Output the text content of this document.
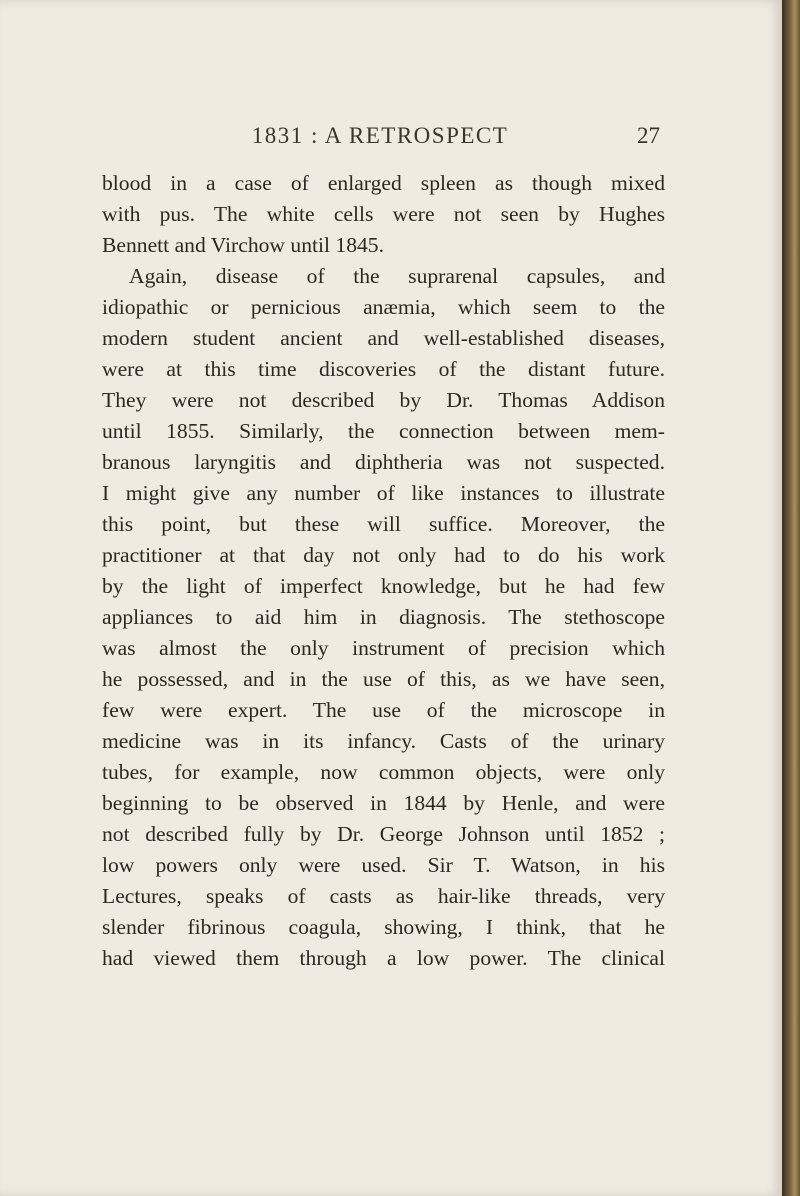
1831 : A RETROSPECT	27
blood in a case of enlarged spleen as though mixed
with pus. The white cells were not seen by Hughes
Bennett and Virchow until 1845.
Again, disease of the suprarenal capsules, and
idiopathic or pernicious anæmia, which seem to the
modern student ancient and well-established diseases,
were at this time discoveries of the distant future.
They were not described by Dr. Thomas Addison
until 1855. Similarly, the connection between mem-
branous laryngitis and diphtheria was not suspected.
I might give any number of like instances to illustrate
this point, but these will suffice. Moreover, the
practitioner at that day not only had to do his work
by the light of imperfect knowledge, but he had few
appliances to aid him in diagnosis. The stethoscope
was almost the only instrument of precision which
he possessed, and in the use of this, as we have seen,
few were expert. The use of the microscope in
medicine was in its infancy. Casts of the urinary
tubes, for example, now common objects, were only
beginning to be observed in 1844 by Henle, and were
not described fully by Dr. George Johnson until 1852 ;
low powers only were used. Sir T. Watson, in his
Lectures, speaks of casts as hair-like threads, very
slender fibrinous coagula, showing, I think, that he
had viewed them through a low power. The clinical
